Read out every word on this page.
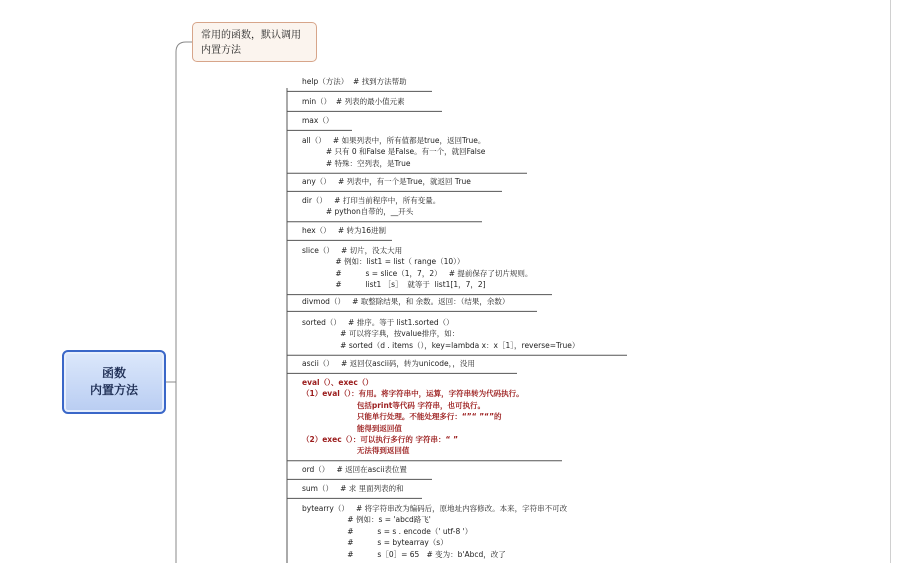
函数
内置方法
常用的函数，默认调用
内置方法
help（方法）  # 找到方法帮助
min（）  # 列表的最小值元素
max（）
all（）   # 如果列表中，所有值都是true，返回True。
# 只有 0 和False 是False。有一个，就回False
# 特殊：空列表，是True
any（）   # 列表中，有一个是True，就返回 True
dir（）   # 打印当前程序中，所有变量。
# python自带的，__开头
hex（）   # 转为16进制
slice（）   # 切片，没太大用
# 例如：list1 = list（ range（10））
#          s = slice（1，7，2）   # 提前保存了切片规则。
#          list1 ［s］  就等于  list1[1，7，2]
divmod（）   # 取整除结果，和 余数。返回：（结果，余数）
sorted（）   # 排序。等于 list1.sorted（）
# 可以将字典，按value排序，如：
# sorted（d . items（），key=lambda x：x［1］，reverse=True）
ascii（）   # 返回仅ascii码，转为unicode，，没用
eval（）、exec（）
（1）eval（）：有用。将字符串中，运算，字符串转为代码执行。
包括print等代码 字符串，也可执行。
只能单行处理。不能处理多行：“”“ ”“”的
能得到返回值
（2）exec（）：可以执行多行的 字符串：“ ”
无法得到返回值
ord（）   # 返回在ascii表位置
sum（）   # 求 里面列表的和
bytearry（）   # 将字符串改为编码后，原地址内容修改。本来，字符串不可改
# 例如：s = 'abcd路飞'
#          s = s . encode（' utf-8 '）
#          s = bytearray（s）
#          s［0］= 65   # 变为：b'Abcd，改了
